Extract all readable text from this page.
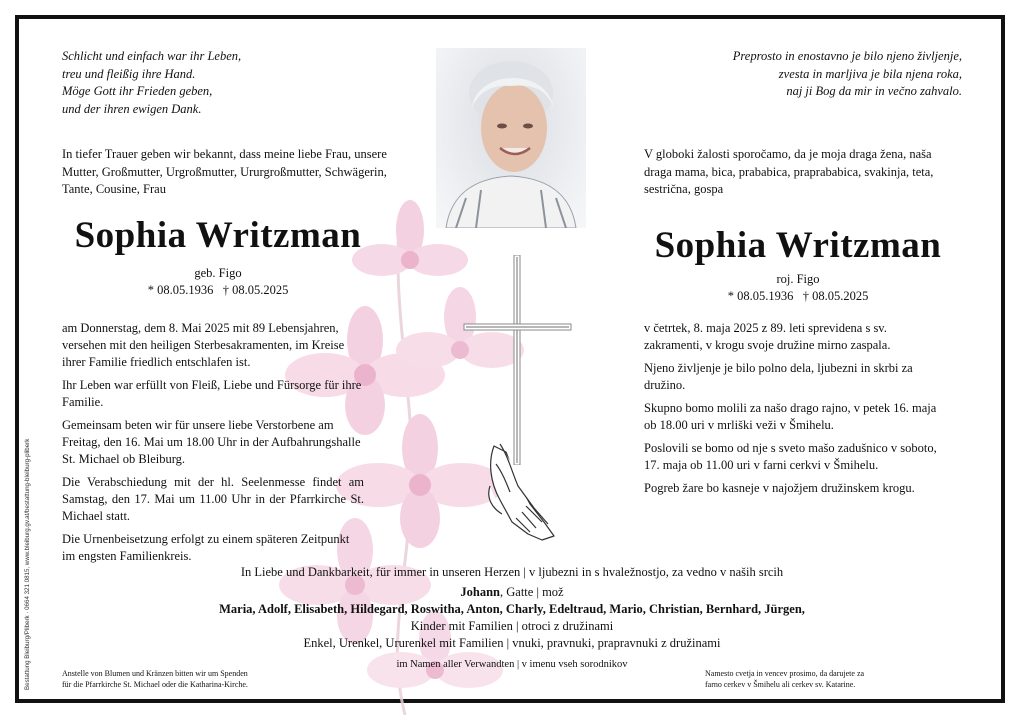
Bestattung Bleiburg/Pliberk · 0664 321 0815, www.bleiburg.gv.at/bestattung-bleiburg-pliberk
Schlicht und einfach war ihr Leben,
treu und fleißig ihre Hand.
Möge Gott ihr Frieden geben,
und der ihren ewigen Dank.
In tiefer Trauer geben wir bekannt, dass meine liebe Frau, unsere Mutter, Großmutter, Urgroßmutter, Ururgroßmutter, Schwägerin, Tante, Cousine, Frau
Sophia Writzman
geb. Figo
* 08.05.1936   † 08.05.2025

am Donnerstag, dem 8. Mai 2025 mit 89 Lebensjahren, versehen mit den heiligen Sterbesakramenten, im Kreise ihrer Familie friedlich entschlafen ist.

Ihr Leben war erfüllt von Fleiß, Liebe und Fürsorge für ihre Familie.

Gemeinsam beten wir für unsere liebe Verstorbene am Freitag, den 16. Mai um 18.00 Uhr in der Aufbahrungshalle St. Michael ob Bleiburg.

Die Verabschiedung mit der hl. Seelenmesse findet am Samstag, den 17. Mai um 11.00 Uhr in der Pfarrkirche St. Michael statt.

Die Urnenbeisetzung erfolgt zu einem späteren Zeitpunkt im engsten Familienkreis.

Anstelle von Blumen und Kränzen bitten wir um Spenden
für die Pfarrkirche St. Michael oder die Katharina-Kirche.
Preprosto in enostavno je bilo njeno življenje,
zvesta in marljiva je bila njena roka,
naj ji Bog da mir in večno zahvalo.
V globoki žalosti sporočamo, da je moja draga žena, naša draga mama, bica, prababica, praprababica, svakinja, teta, sestrična, gospa
Sophia Writzman
roj. Figo
* 08.05.1936   † 08.05.2025

v četrtek, 8. maja 2025 z 89. leti sprevidena s sv. zakramenti, v krogu svoje družine mirno zaspala.

Njeno življenje je bilo polno dela, ljubezni in skrbi za družino.

Skupno bomo molili za našo drago rajno, v petek 16. maja ob 18.00 uri v mrliški veži v Šmihelu.

Poslovili se bomo od nje s sveto mašo zadušnico v soboto, 17. maja ob 11.00 uri v farni cerkvi v Šmihelu.

Pogreb žare bo kasneje v najožjem družinskem krogu.

Namesto cvetja in vencev prosimo, da darujete za
farno cerkev v Šmihelu ali cerkev sv. Katarine.
In Liebe und Dankbarkeit, für immer in unseren Herzen | v ljubezni in s hvaležnostjo, za vedno v naših srcih
Johann, Gatte | mož
Maria, Adolf, Elisabeth, Hildegard, Roswitha, Anton, Charly, Edeltraud, Mario, Christian, Bernhard, Jürgen,
Kinder mit Familien | otroci z družinami
Enkel, Urenkel, Ururenkel mit Familien | vnuki, pravnuki, prapravnuki z družinami
im Namen aller Verwandten | v imenu vseh sorodnikov
